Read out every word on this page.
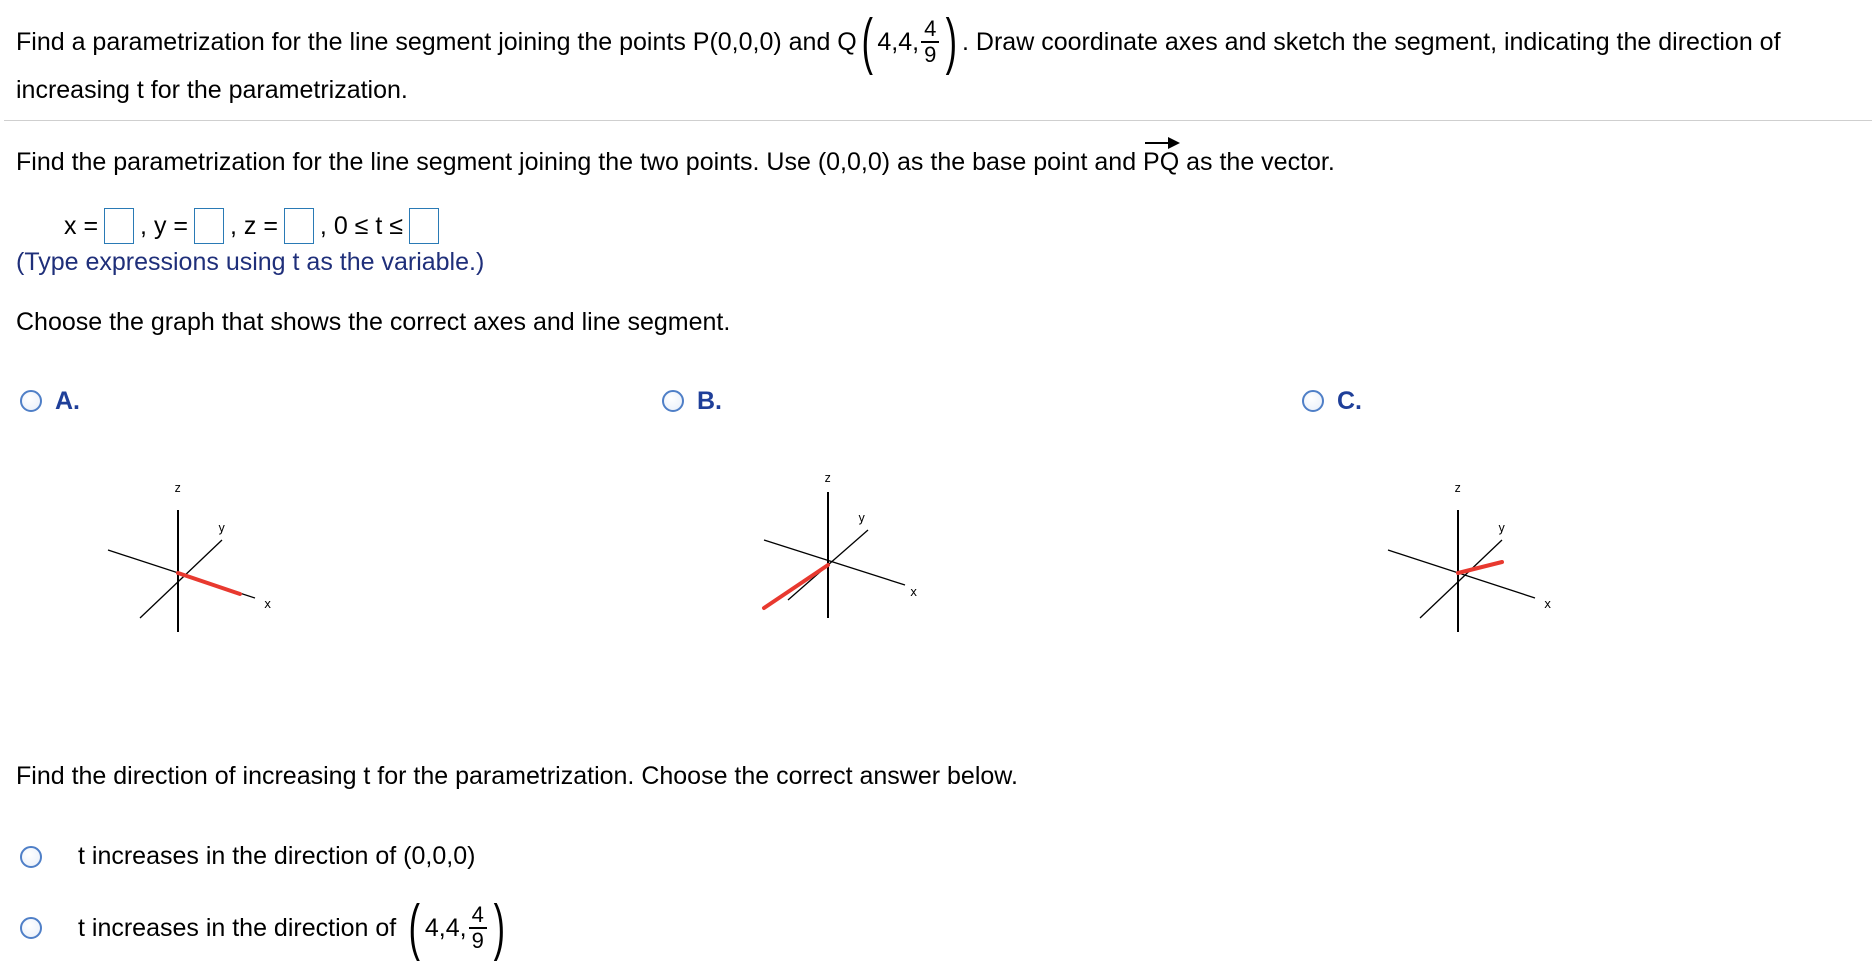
Find a parametrization for the line segment joining the points P(0,0,0) and Q ( 4,4, $\frac{4}{9}$ ) . Draw coordinate axes and sketch the segment, indicating the direction of
increasing t for the parametrization.
Find the parametrization for the line segment joining the two points. Use (0,0,0) as the base point and PQ as the vector.
x = , y = , z = , 0 ≤ t ≤
(Type expressions using t as the variable.)
Choose the graph that shows the correct axes and line segment.
A.	B.	C.
z
y
x
z
y
x
z
y
x
Find the direction of increasing t for the parametrization. Choose the correct answer below.
t increases in the direction of (0,0,0)
t increases in the direction of ( 4,4, $\frac{4}{9}$ )
